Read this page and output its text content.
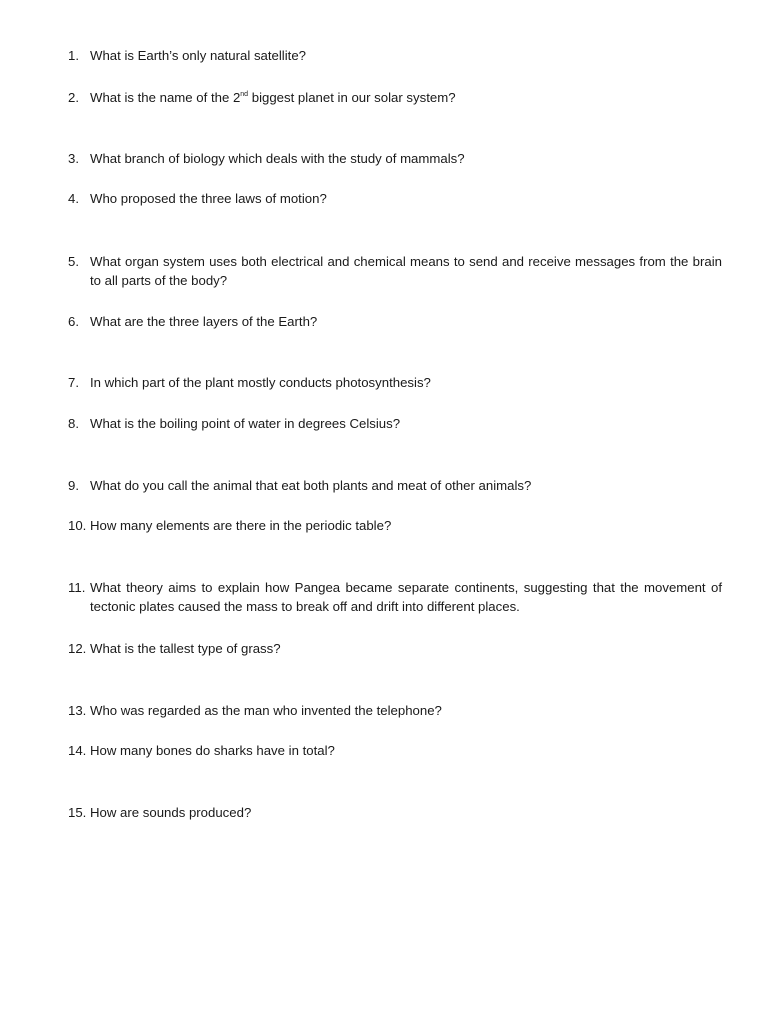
1. What is Earth’s only natural satellite?
2. What is the name of the 2nd biggest planet in our solar system?
3. What branch of biology which deals with the study of mammals?
4. Who proposed the three laws of motion?
5. What organ system uses both electrical and chemical means to send and receive messages from the brain to all parts of the body?
6. What are the three layers of the Earth?
7. In which part of the plant mostly conducts photosynthesis?
8. What is the boiling point of water in degrees Celsius?
9. What do you call the animal that eat both plants and meat of other animals?
10. How many elements are there in the periodic table?
11. What theory aims to explain how Pangea became separate continents, suggesting that the movement of tectonic plates caused the mass to break off and drift into different places.
12. What is the tallest type of grass?
13. Who was regarded as the man who invented the telephone?
14. How many bones do sharks have in total?
15. How are sounds produced?
